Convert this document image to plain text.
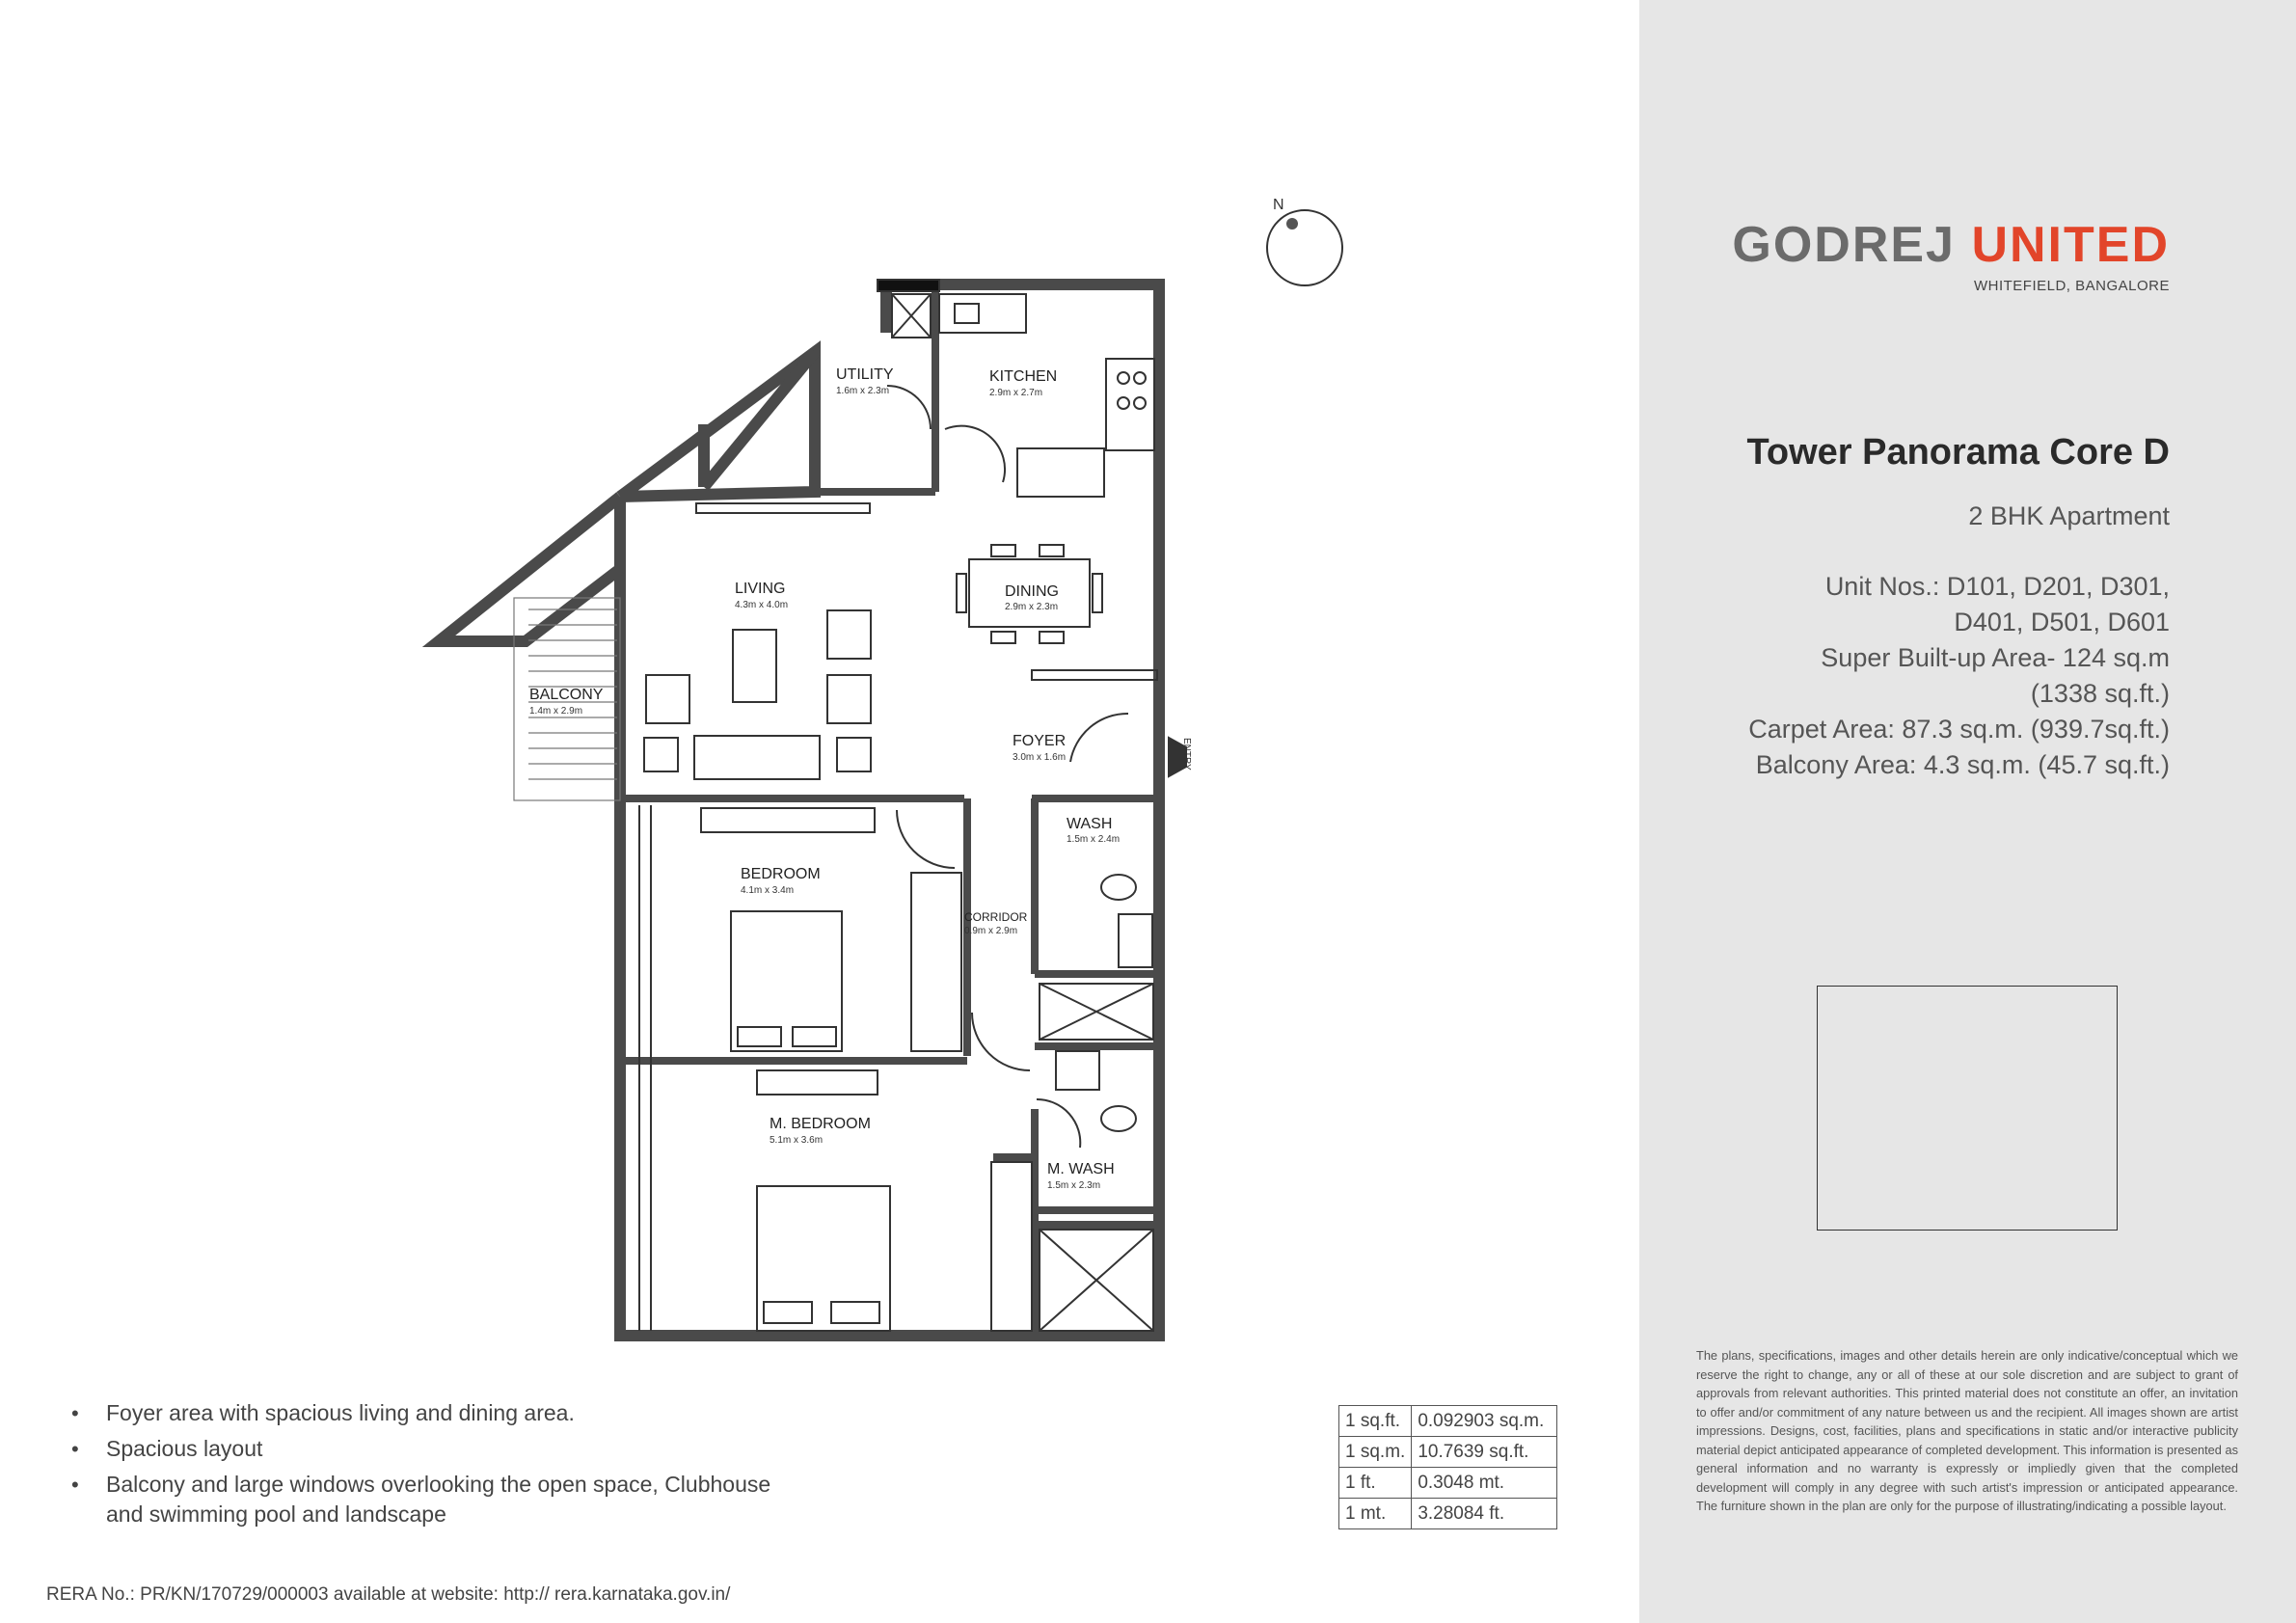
UTILITY
1.6m x 2.3m
KITCHEN
2.9m x 2.7m
LIVING
4.3m x 4.0m
DINING
2.9m x 2.3m
BALCONY
1.4m x 2.9m
FOYER
3.0m x 1.6m
WASH
1.5m x 2.4m
BEDROOM
4.1m x 3.4m
CORRIDOR
0.9m x 2.9m
M. BEDROOM
5.1m x 3.6m
M. WASH
1.5m x 2.3m
N
ENTRY
• Foyer area with spacious living and dining area.
• Spacious layout
• Balcony and large windows overlooking the open space, Clubhouse and swimming pool and landscape
1 sq.ft.	0.092903 sq.m.
1 sq.m.	10.7639 sq.ft.
1 ft.	0.3048 mt.
1 mt.	3.28084 ft.
RERA No.: PR/KN/170729/000003 available at website: http:// rera.karnataka.gov.in/
GODREJ UNITED
WHITEFIELD, BANGALORE
Tower Panorama Core D
2 BHK Apartment
Unit Nos.: D101, D201, D301,
D401, D501, D601
Super Built-up Area- 124 sq.m
(1338 sq.ft.)
Carpet Area: 87.3 sq.m. (939.7sq.ft.)
Balcony Area: 4.3 sq.m. (45.7 sq.ft.)
The plans, specifications, images and other details herein are only indicative/conceptual which we reserve the right to change, any or all of these at our sole discretion and are subject to grant of approvals from relevant authorities. This printed material does not constitute an offer, an invitation to offer and/or commitment of any nature between us and the recipient. All images shown are artist impressions. Designs, cost, facilities, plans and specifications in static and/or interactive publicity material depict anticipated appearance of completed development. This information is presented as general information and no warranty is expressly or impliedly given that the completed development will comply in any degree with such artist's impression or anticipated appearance. The furniture shown in the plan are only for the purpose of illustrating/indicating a possible layout.
